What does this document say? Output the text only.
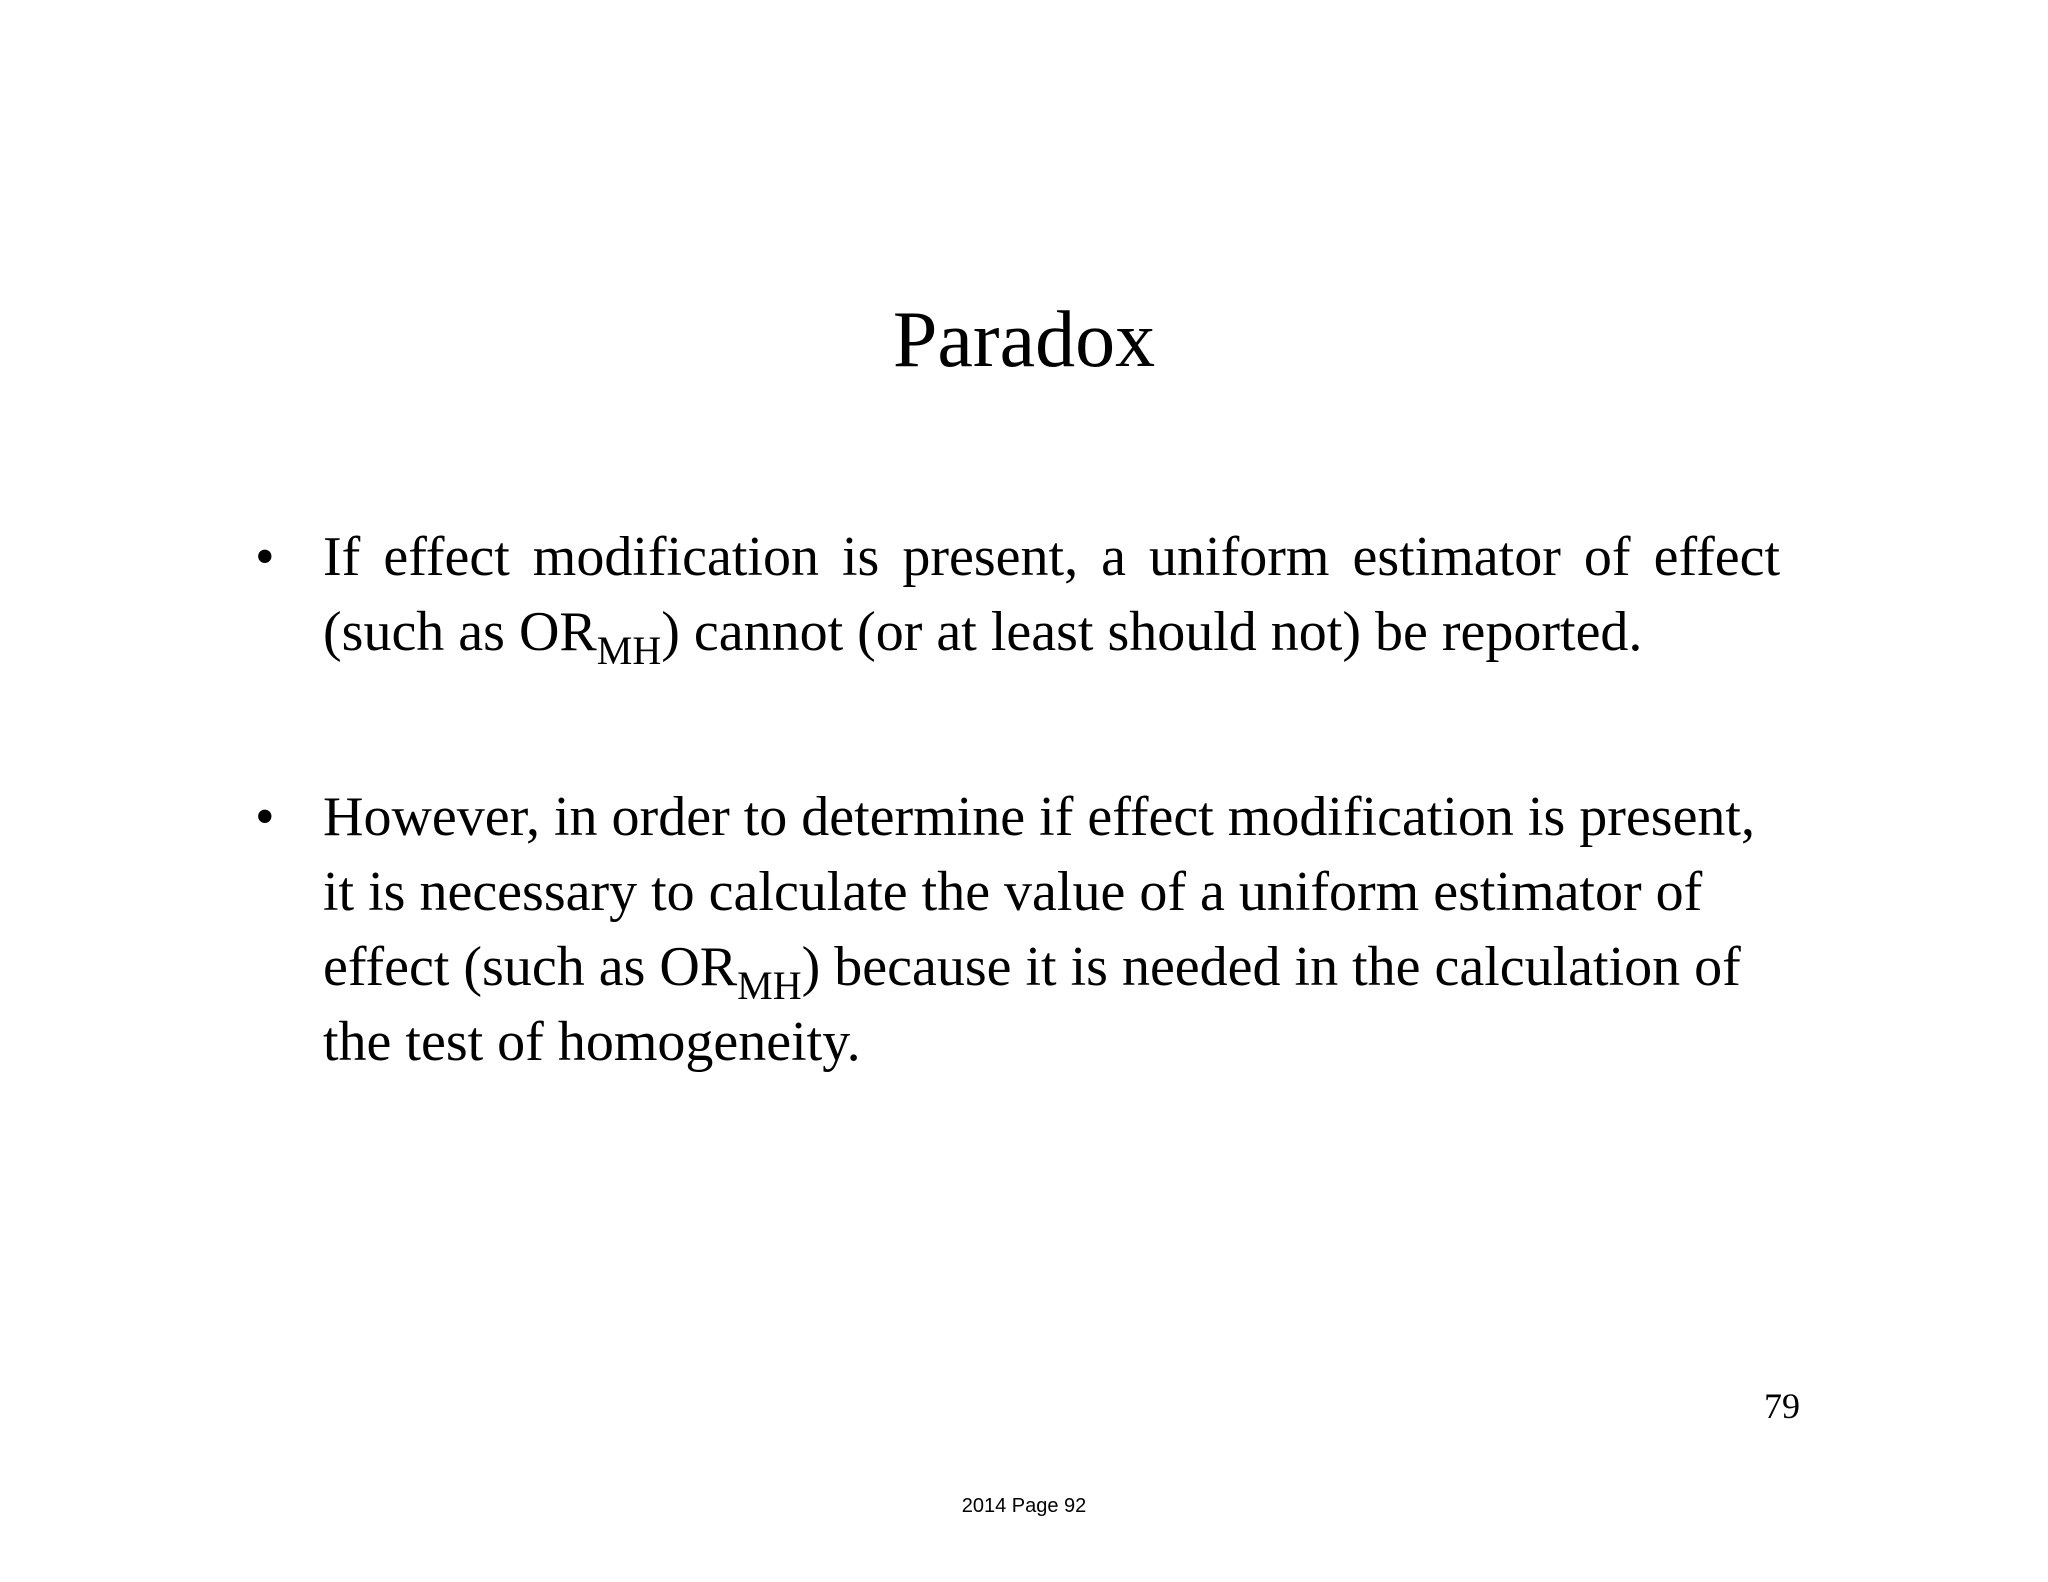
Paradox
• If effect modification is present, a uniform estimator of effect (such as $OR_{MH}$) cannot (or at least should not) be reported.
• However, in order to determine if effect modification is present, it is necessary to calculate the value of a uniform estimator of effect (such as $OR_{MH}$) because it is needed in the calculation of the test of homogeneity.
79
2014 Page 92
